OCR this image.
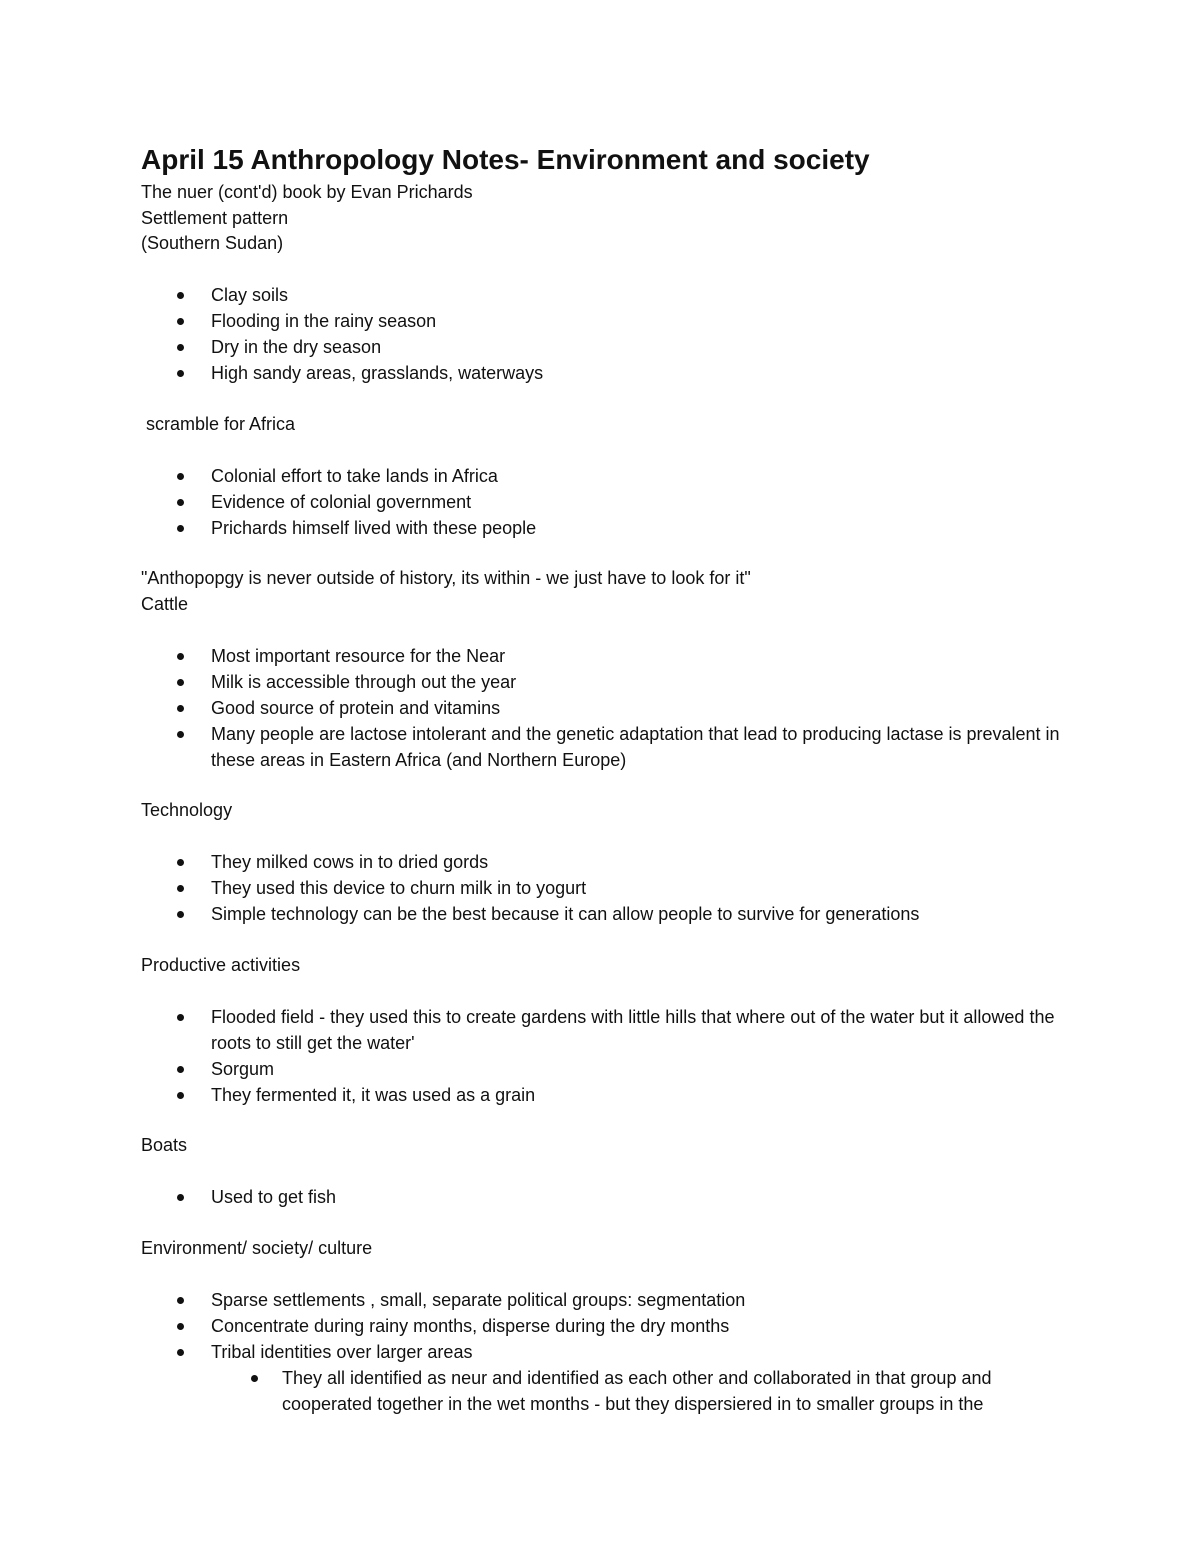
April 15 Anthropology Notes- Environment and society

The nuer (cont'd) book by Evan Prichards

Settlement pattern

(Southern Sudan)

Clay soils
Flooding in the rainy season
Dry in the dry season
High sandy areas, grasslands, waterways

scramble for Africa

Colonial effort to take lands in Africa
Evidence of colonial government
Prichards himself lived with these people

"Anthopopgy is never outside of history, its within - we just have to look for it"

Cattle

Most important resource for the Near
Milk is accessible through out the year
Good source of protein and vitamins
Many people are lactose intolerant and the genetic adaptation that lead to producing lactase is prevalent in these areas in Eastern Africa (and Northern Europe)

Technology

They milked cows in to dried gords
They used this device to churn milk in to yogurt
Simple technology can be the best because it can allow people to survive for generations

Productive activities

Flooded field - they used this to create gardens with little hills that where out of the water but it allowed the roots to still get the water'
Sorgum
They fermented it, it was used as a grain

Boats

Used to get fish

Environment/ society/ culture

Sparse settlements , small, separate political groups: segmentation
Concentrate during rainy months, disperse during the dry months
Tribal identities over larger areas
They all identified as neur and identified as each other and collaborated in that group and cooperated together in the wet months - but they dispersiered in to smaller groups in the
